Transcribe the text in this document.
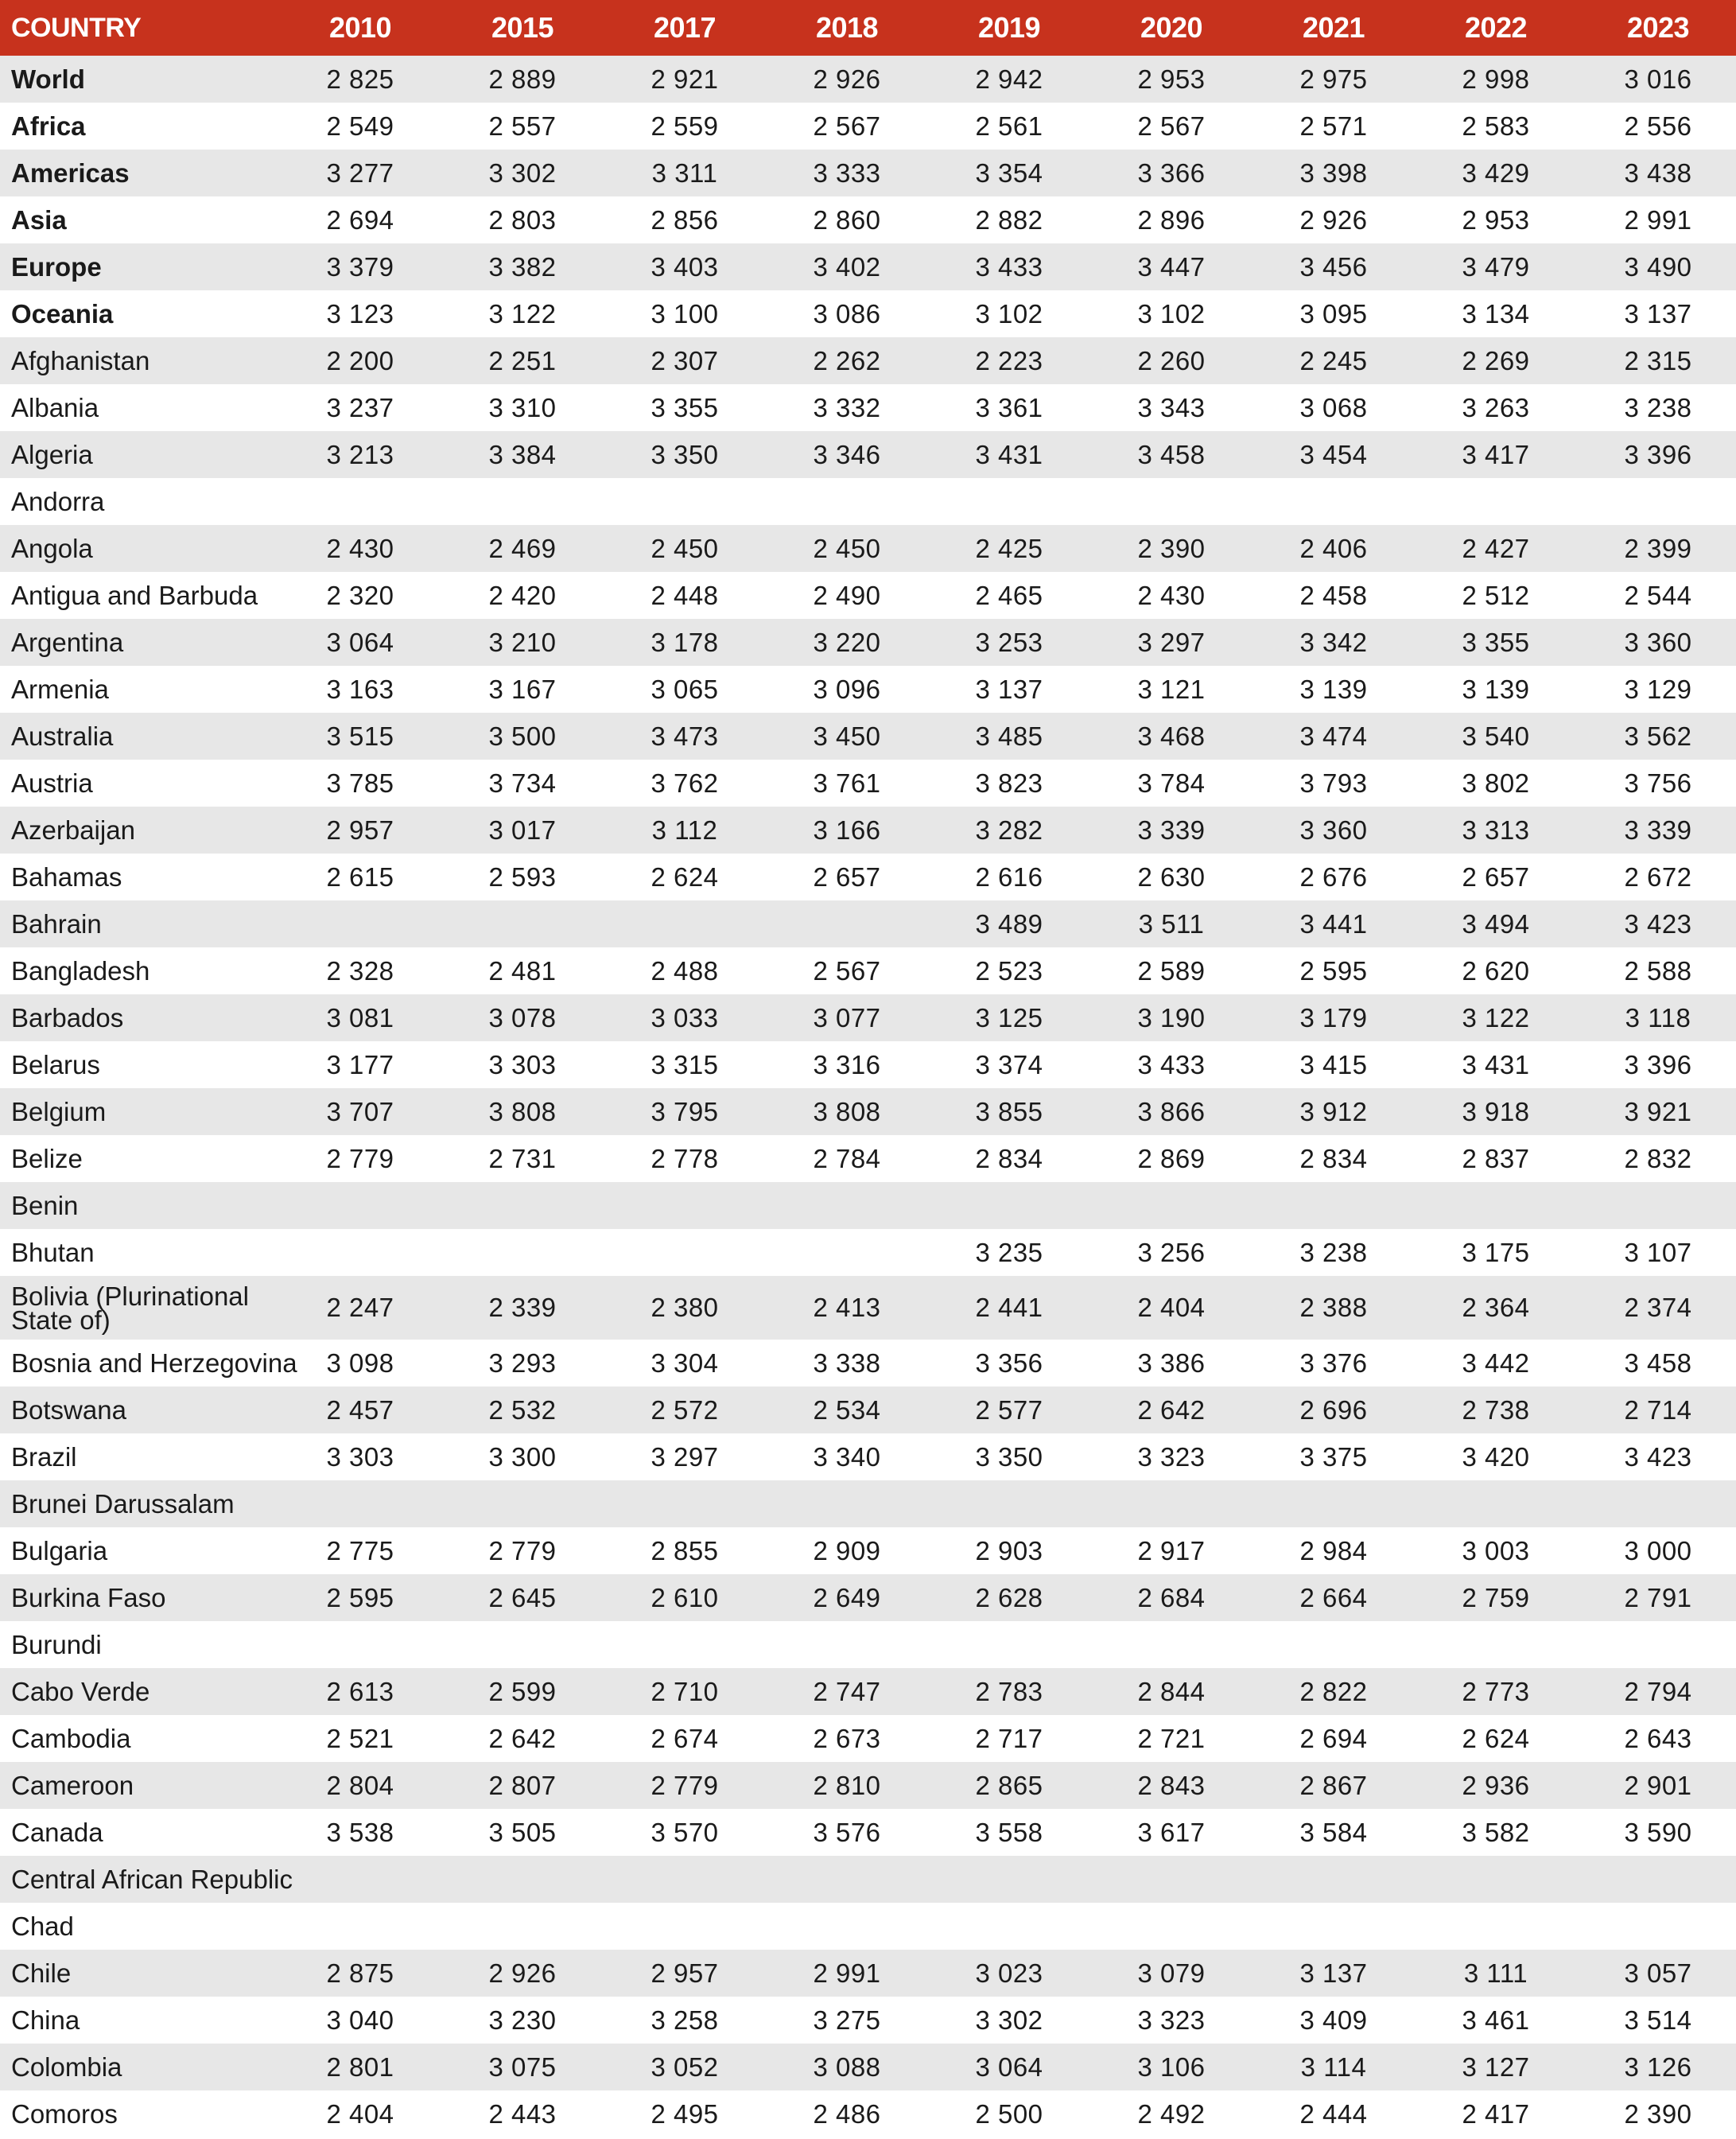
COUNTRY	2010	2015	2017	2018	2019	2020	2021	2022	2023
World	2 825	2 889	2 921	2 926	2 942	2 953	2 975	2 998	3 016
Africa	2 549	2 557	2 559	2 567	2 561	2 567	2 571	2 583	2 556
Americas	3 277	3 302	3 311	3 333	3 354	3 366	3 398	3 429	3 438
Asia	2 694	2 803	2 856	2 860	2 882	2 896	2 926	2 953	2 991
Europe	3 379	3 382	3 403	3 402	3 433	3 447	3 456	3 479	3 490
Oceania	3 123	3 122	3 100	3 086	3 102	3 102	3 095	3 134	3 137
Afghanistan	2 200	2 251	2 307	2 262	2 223	2 260	2 245	2 269	2 315
Albania	3 237	3 310	3 355	3 332	3 361	3 343	3 068	3 263	3 238
Algeria	3 213	3 384	3 350	3 346	3 431	3 458	3 454	3 417	3 396
Andorra									
Angola	2 430	2 469	2 450	2 450	2 425	2 390	2 406	2 427	2 399
Antigua and Barbuda	2 320	2 420	2 448	2 490	2 465	2 430	2 458	2 512	2 544
Argentina	3 064	3 210	3 178	3 220	3 253	3 297	3 342	3 355	3 360
Armenia	3 163	3 167	3 065	3 096	3 137	3 121	3 139	3 139	3 129
Australia	3 515	3 500	3 473	3 450	3 485	3 468	3 474	3 540	3 562
Austria	3 785	3 734	3 762	3 761	3 823	3 784	3 793	3 802	3 756
Azerbaijan	2 957	3 017	3 112	3 166	3 282	3 339	3 360	3 313	3 339
Bahamas	2 615	2 593	2 624	2 657	2 616	2 630	2 676	2 657	2 672
Bahrain					3 489	3 511	3 441	3 494	3 423
Bangladesh	2 328	2 481	2 488	2 567	2 523	2 589	2 595	2 620	2 588
Barbados	3 081	3 078	3 033	3 077	3 125	3 190	3 179	3 122	3 118
Belarus	3 177	3 303	3 315	3 316	3 374	3 433	3 415	3 431	3 396
Belgium	3 707	3 808	3 795	3 808	3 855	3 866	3 912	3 918	3 921
Belize	2 779	2 731	2 778	2 784	2 834	2 869	2 834	2 837	2 832
Benin									
Bhutan					3 235	3 256	3 238	3 175	3 107
Bolivia (Plurinational State of)	2 247	2 339	2 380	2 413	2 441	2 404	2 388	2 364	2 374
Bosnia and Herzegovina	3 098	3 293	3 304	3 338	3 356	3 386	3 376	3 442	3 458
Botswana	2 457	2 532	2 572	2 534	2 577	2 642	2 696	2 738	2 714
Brazil	3 303	3 300	3 297	3 340	3 350	3 323	3 375	3 420	3 423
Brunei Darussalam									
Bulgaria	2 775	2 779	2 855	2 909	2 903	2 917	2 984	3 003	3 000
Burkina Faso	2 595	2 645	2 610	2 649	2 628	2 684	2 664	2 759	2 791
Burundi									
Cabo Verde	2 613	2 599	2 710	2 747	2 783	2 844	2 822	2 773	2 794
Cambodia	2 521	2 642	2 674	2 673	2 717	2 721	2 694	2 624	2 643
Cameroon	2 804	2 807	2 779	2 810	2 865	2 843	2 867	2 936	2 901
Canada	3 538	3 505	3 570	3 576	3 558	3 617	3 584	3 582	3 590
Central African Republic									
Chad									
Chile	2 875	2 926	2 957	2 991	3 023	3 079	3 137	3 111	3 057
China	3 040	3 230	3 258	3 275	3 302	3 323	3 409	3 461	3 514
Colombia	2 801	3 075	3 052	3 088	3 064	3 106	3 114	3 127	3 126
Comoros	2 404	2 443	2 495	2 486	2 500	2 492	2 444	2 417	2 390
